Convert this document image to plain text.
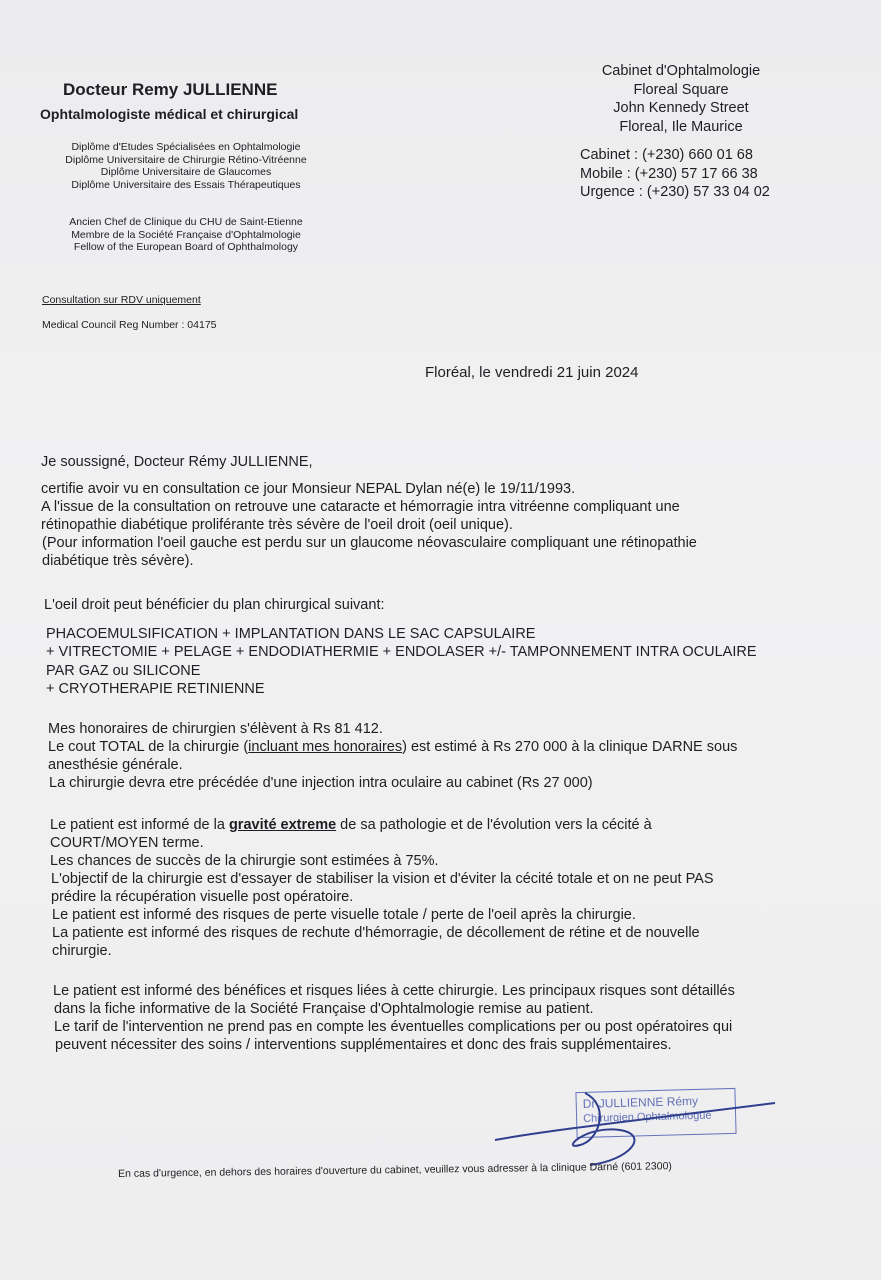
Docteur Remy JULLIENNE
Ophtalmologiste médical et chirurgical
Diplôme d'Etudes Spécialisées en Ophtalmologie
Diplôme Universitaire de Chirurgie Rétino-Vitréenne
Diplôme Universitaire de Glaucomes
Diplôme Universitaire des Essais Thérapeutiques
Ancien Chef de Clinique du CHU de Saint-Etienne
Membre de la Société Française d'Ophtalmologie
Fellow of the European Board of Ophthalmology
Consultation sur RDV uniquement
Medical Council Reg Number : 04175
Cabinet d'Ophtalmologie
Floreal Square
John Kennedy Street
Floreal, Ile Maurice
Cabinet : (+230) 660 01 68
Mobile : (+230) 57 17 66 38
Urgence : (+230) 57 33 04 02
Floréal, le vendredi 21 juin 2024
Je soussigné, Docteur Rémy JULLIENNE,
certifie avoir vu en consultation ce jour Monsieur NEPAL Dylan né(e) le 19/11/1993.
A l'issue de la consultation on retrouve une cataracte et hémorragie intra vitréenne compliquant une
rétinopathie diabétique proliférante très sévère de l'oeil droit (oeil unique).
(Pour information l'oeil gauche est perdu sur un glaucome néovasculaire compliquant une rétinopathie
diabétique très sévère).
L'oeil droit peut bénéficier du plan chirurgical suivant:
PHACOEMULSIFICATION + IMPLANTATION DANS LE SAC CAPSULAIRE
+ VITRECTOMIE + PELAGE + ENDODIATHERMIE + ENDOLASER +/- TAMPONNEMENT INTRA OCULAIRE
PAR GAZ ou SILICONE
+ CRYOTHERAPIE RETINIENNE
Mes honoraires de chirurgien s'élèvent à Rs 81 412.
Le cout TOTAL de la chirurgie (incluant mes honoraires) est estimé à Rs 270 000 à la clinique DARNE sous
anesthésie générale.
La chirurgie devra etre précédée d'une injection intra oculaire au cabinet (Rs 27 000)
Le patient est informé de la gravité extreme de sa pathologie et de l'évolution vers la cécité à
COURT/MOYEN terme.
Les chances de succès de la chirurgie sont estimées à 75%.
L'objectif de la chirurgie est d'essayer de stabiliser la vision et d'éviter la cécité totale et on ne peut PAS
prédire la récupération visuelle post opératoire.
Le patient est informé des risques de perte visuelle totale / perte de l'oeil après la chirurgie.
La patiente est informé des risques de rechute d'hémorragie, de décollement de rétine et de nouvelle
chirurgie.
Le patient est informé des bénéfices et risques liées à cette chirurgie. Les principaux risques sont détaillés
dans la fiche informative de la Société Française d'Ophtalmologie remise au patient.
Le tarif de l'intervention ne prend pas en compte les éventuelles complications per ou post opératoires qui
peuvent nécessiter des soins / interventions supplémentaires et donc des frais supplémentaires.
Dr JULLIENNE Rémy
Chirurgien Ophtalmologue
En cas d'urgence, en dehors des horaires d'ouverture du cabinet, veuillez vous adresser à la clinique Darné (601 2300)
